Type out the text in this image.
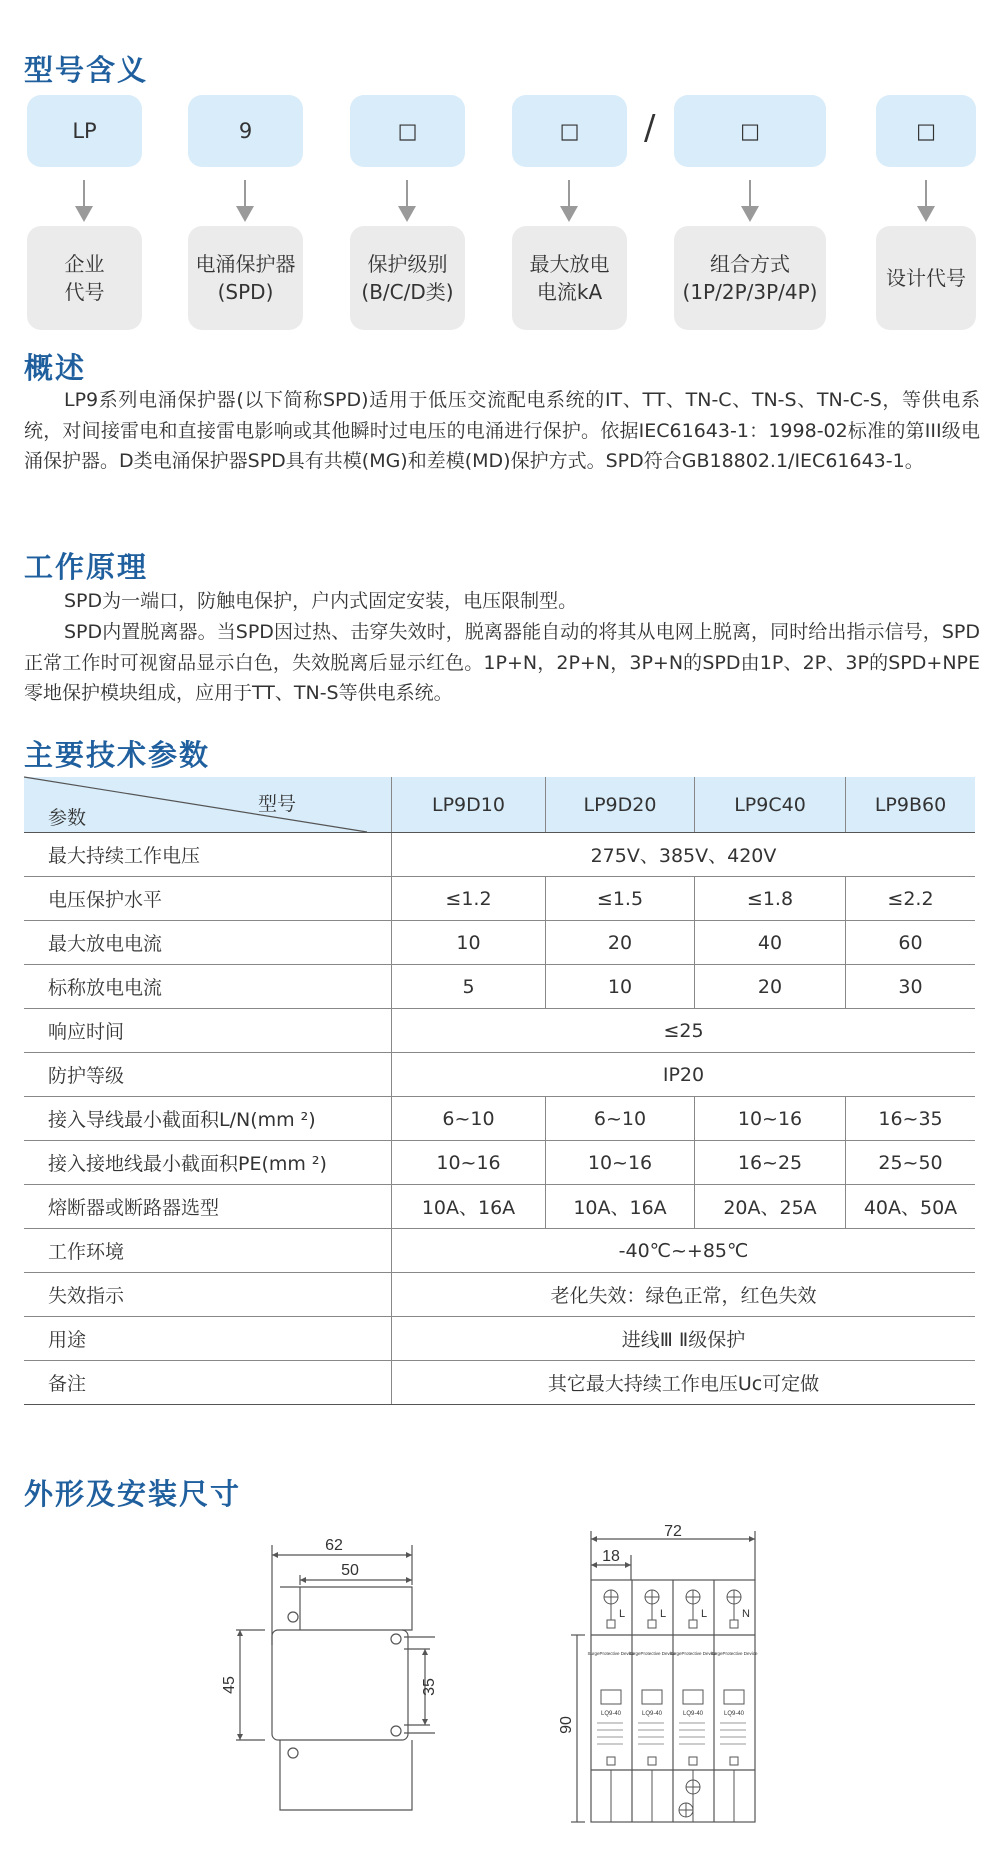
型号含义
LP	9	□	□	/	□	□
企业
代号
电涌保护器
(SPD)
保护级别
(B/C/D类)
最大放电
电流kA
组合方式
(1P/2P/3P/4P)
设计代号
概述

LP9系列电涌保护器(以下简称SPD)适用于低压交流配电系统的IT、TT、TN-C、TN-S、TN-C-S，等供电系统，对间接雷电和直接雷电影响或其他瞬时过电压的电涌进行保护。依据IEC61643-1：1998-02标准的第III级电涌保护器。D类电涌保护器SPD具有共模(MG)和差模(MD)保护方式。SPD符合GB18802.1/IEC61643-1。

工作原理

SPD为一端口，防触电保护，户内式固定安装，电压限制型。

SPD内置脱离器。当SPD因过热、击穿失效时，脱离器能自动的将其从电网上脱离，同时给出指示信号，SPD正常工作时可视窗品显示白色，失效脱离后显示红色。1P+N，2P+N，3P+N的SPD由1P、2P、3P的SPD+NPE零地保护模块组成，应用于TT、TN-S等供电系统。

主要技术参数
型号
参数	LP9D10	LP9D20	LP9C40	LP9B60
最大持续工作电压	275V、385V、420V			
电压保护水平	≤1.2	≤1.5	≤1.8	≤2.2
最大放电电流	10	20	40	60
标称放电电流	5	10	20	30
响应时间	≤25			
防护等级	IP20			
接入导线最小截面积L/N(mm ²)	6~10	6~10	10~16	16~35
接入接地线最小截面积PE(mm ²)	10~16	10~16	16~25	25~50
熔断器或断路器选型	10A、16A	10A、16A	20A、25A	40A、50A
工作环境	-40℃~+85℃			
失效指示	老化失效：绿色正常，红色失效			
用途	进线Ⅲ Ⅱ级保护			
备注	其它最大持续工作电压Uc可定做			
外形及安装尺寸
62
50
45	35
L
SurgeProtective Device
LQ9-40
L
SurgeProtective Device
LQ9-40
L
SurgeProtective Device
LQ9-40
N
SurgeProtective Device
LQ9-40
72
18
90
